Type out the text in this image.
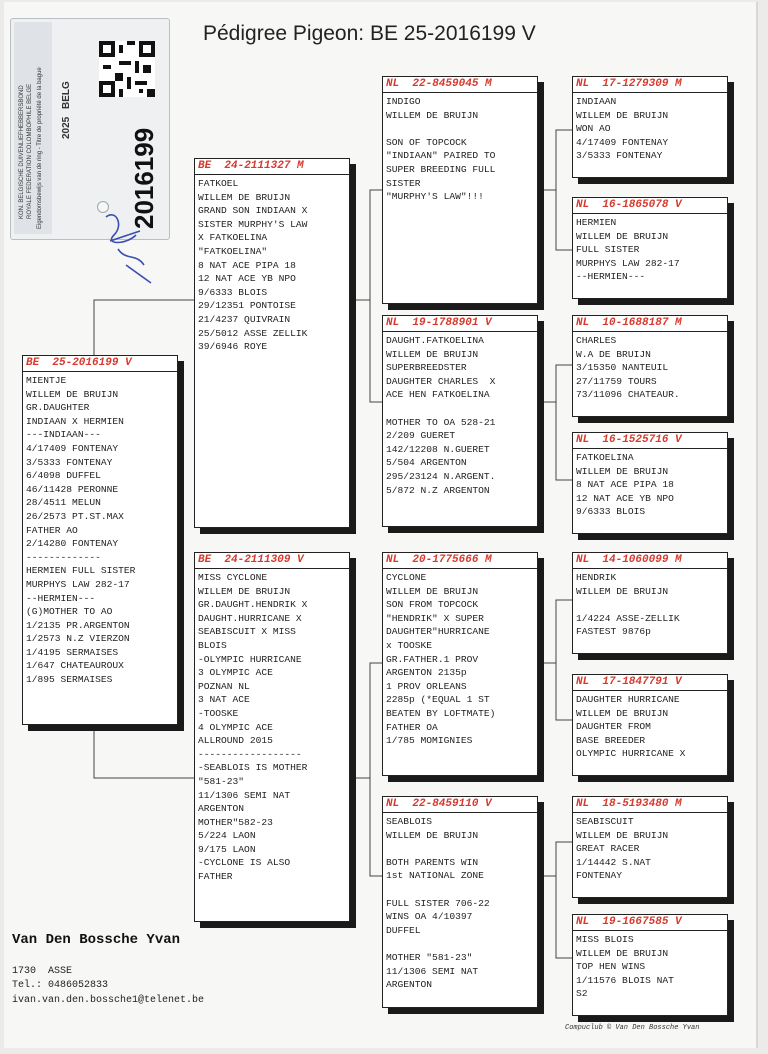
Pédigree Pigeon: BE 25-2016199 V
KON. BELGISCHE DUIVENLIEFHEBBERSBOND ROYALE FEDERATION COLOMBOPHILE BELGE Eigendomsbewijs van de ring - Titre de propriété de la bague 2025
BELG
2016199
BE  25-2016199 V
MIENTJE
WILLEM DE BRUIJN
GR.DAUGHTER
INDIAAN X HERMIEN
---INDIAAN---
4/17409 FONTENAY
3/5333 FONTENAY
6/4098 DUFFEL
46/11428 PERONNE
28/4511 MELUN
26/2573 PT.ST.MAX
FATHER AO
2/14280 FONTENAY
-------------
HERMIEN FULL SISTER
MURPHYS LAW 282-17
--HERMIEN---
(G)MOTHER TO AO
1/2135 PR.ARGENTON
1/2573 N.Z VIERZON
1/4195 SERMAISES
1/647 CHATEAUROUX
1/895 SERMAISES
BE  24-2111327 M
FATKOEL
WILLEM DE BRUIJN
GRAND SON INDIAAN X
SISTER MURPHY'S LAW
X FATKOELINA
"FATKOELINA"
8 NAT ACE PIPA 18
12 NAT ACE YB NPO
9/6333 BLOIS
29/12351 PONTOISE
21/4237 QUIVRAIN
25/5012 ASSE ZELLIK
39/6946 ROYE
BE  24-2111309 V
MISS CYCLONE
WILLEM DE BRUIJN
GR.DAUGHT.HENDRIK X
DAUGHT.HURRICANE X
SEABISCUIT X MISS
BLOIS
-OLYMPIC HURRICANE
3 OLYMPIC ACE
POZNAN NL
3 NAT ACE
-TOOSKE
4 OLYMPIC ACE
ALLROUND 2015
------------------
-SEABLOIS IS MOTHER
"581-23"
11/1306 SEMI NAT
ARGENTON
MOTHER"582-23
5/224 LAON
9/175 LAON
-CYCLONE IS ALSO
FATHER
NL  22-8459045 M
INDIGO
WILLEM DE BRUIJN

SON OF TOPCOCK
"INDIAAN" PAIRED TO
SUPER BREEDING FULL
SISTER
"MURPHY'S LAW"!!!
NL  19-1788901 V
DAUGHT.FATKOELINA
WILLEM DE BRUIJN
SUPERBREEDSTER
DAUGHTER CHARLES  X
ACE HEN FATKOELINA

MOTHER TO OA 528-21
2/209 GUERET
142/12208 N.GUERET
5/504 ARGENTON
295/23124 N.ARGENT.
5/872 N.Z ARGENTON
NL  20-1775666 M
CYCLONE
WILLEM DE BRUIJN
SON FROM TOPCOCK
"HENDRIK" X SUPER
DAUGHTER"HURRICANE
x TOOSKE
GR.FATHER.1 PROV
ARGENTON 2135p
1 PROV ORLEANS
2285p (*EQUAL 1 ST
BEATEN BY LOFTMATE)
FATHER OA
1/785 MOMIGNIES
NL  22-8459110 V
SEABLOIS
WILLEM DE BRUIJN

BOTH PARENTS WIN
1st NATIONAL ZONE

FULL SISTER 706-22
WINS OA 4/10397
DUFFEL

MOTHER "581-23"
11/1306 SEMI NAT
ARGENTON
NL  17-1279309 M
INDIAAN
WILLEM DE BRUIJN
WON AO
4/17409 FONTENAY
3/5333 FONTENAY
NL  16-1865078 V
HERMIEN
WILLEM DE BRUIJN
FULL SISTER
MURPHYS LAW 282-17
--HERMIEN---
NL  10-1688187 M
CHARLES
W.A DE BRUIJN
3/15350 NANTEUIL
27/11759 TOURS
73/11096 CHATEAUR.
NL  16-1525716 V
FATKOELINA
WILLEM DE BRUIJN
8 NAT ACE PIPA 18
12 NAT ACE YB NPO
9/6333 BLOIS
NL  14-1060099 M
HENDRIK
WILLEM DE BRUIJN

1/4224 ASSE-ZELLIK
FASTEST 9876p
NL  17-1847791 V
DAUGHTER HURRICANE
WILLEM DE BRUIJN
DAUGHTER FROM
BASE BREEDER
OLYMPIC HURRICANE X
NL  18-5193480 M
SEABISCUIT
WILLEM DE BRUIJN
GREAT RACER
1/14442 S.NAT
FONTENAY
NL  19-1667585 V
MISS BLOIS
WILLEM DE BRUIJN
TOP HEN WINS
1/11576 BLOIS NAT
S2
Van Den Bossche Yvan
1730  ASSE
Tel.: 0486052833
ivan.van.den.bossche1@telenet.be
Compuclub © Van Den Bossche Yvan
